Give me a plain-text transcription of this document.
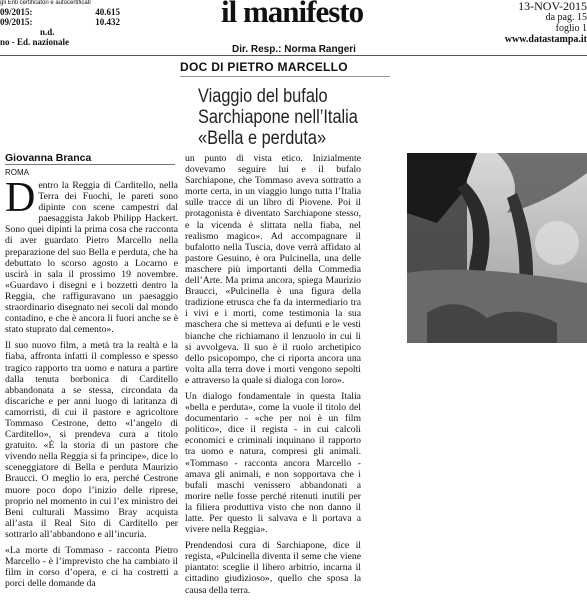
gli Enti certificatori e autocertificati
09/2015:	40.615
09/2015:	10.432
n.d.
no - Ed. nazionale
il manifesto	13-NOV-2015
da pag. 15
foglio 1
www.datastampa.it
Dir. Resp.: Norma Rangeri
DOC DI PIETRO MARCELLO
Viaggio del bufalo
Sarchiapone nell’Italia
«Bella e perduta»
Giovanna Branca
ROMA

Dentro la Reggia di Carditello, nella Terra dei Fuochi, le pareti sono dipinte con scene campestri dal paesaggista Jakob Philipp Hackert. Sono quei dipinti la prima cosa che racconta di aver guardato Pietro Marcello nella preparazione del suo Bella e perduta, che ha debuttato lo scorso agosto a Locarno e uscirà in sala il prossimo 19 novembre. «Guardavo i disegni e i bozzetti dentro la Reggia, che raffiguravano un paesaggio straordinario disegnato nei secoli dal mondo contadino, e che è ancora lì fuori anche se è stato stuprato dal cemento».

Il suo nuovo film, a metà tra la realtà e la fiaba, affronta infatti il complesso e spesso tragico rapporto tra uomo e natura a partire dalla tenuta borbonica di Carditello abbandonata a se stessa, circondata da discariche e per anni luogo di latitanza di camorristi, di cui il pastore e agricoltore Tommaso Cestrone, detto «l’angelo di Carditello», si prendeva cura a titolo gratuito. «È la storia di un pastore che vivendo nella Reggia si fa principe», dice lo sceneggiatore di Bella e perduta Maurizio Braucci. O meglio lo era, perché Cestrone muore poco dopo l’inizio delle riprese, proprio nel momento in cui l’ex ministro dei Beni culturali Massimo Bray acquista all’asta il Real Sito di Carditello per sottrarlo all’abbandono e all’incuria.

«La morte di Tommaso - racconta Pietro Marcello - è l’imprevisto che ha cambiato il film in corso d’opera, e ci ha costretti a porci delle domande da

un punto di vista etico. Inizialmente dovevamo seguire lui e il bufalo Sarchiapone, che Tommaso aveva sottratto a morte certa, in un viaggio lungo tutta l’Italia sulle tracce di un libro di Piovene. Poi il protagonista è diventato Sarchiapone stesso, e la vicenda è slittata nella fiaba, nel realismo magico». Ad accompagnare il bufalotto nella Tuscia, dove verrà affidato al pastore Gesuino, è ora Pulcinella, una delle maschere più importanti della Commedia dell’Arte. Ma prima ancora, spiega Maurizio Braucci, «Pulcinella è una figura della tradizione etrusca che fa da intermediario tra i vivi e i morti, come testimonia la sua maschera che si metteva ai defunti e le vesti bianche che richiamano il lenzuolo in cui li si avvolgeva. Il suo è il ruolo archetipico dello psicopompo, che ci riporta ancora una volta alla terra dove i morti vengono sepolti e attraverso la quale si dialoga con loro».

Un dialogo fondamentale in questa Italia «bella e perduta», come la vuole il titolo del documentario - «che per noi è un film politico», dice il regista - in cui calcoli economici e criminali inquinano il rapporto tra uomo e natura, compresi gli animali. «Tommaso - racconta ancora Marcello - amava gli animali, e non sopportava che i bufali maschi venissero abbandonati a morire nelle fosse perché ritenuti inutili per la filiera produttiva visto che non danno il latte. Per questo li salvava e li portava a vivere nella Reggia».

Prendendosi cura di Sarchiapone, dice il regista, «Pulcinella diventa il seme che viene piantato: sceglie il libero arbitrio, incarna il cittadino giudizioso», quello che sposa la causa della terra.
